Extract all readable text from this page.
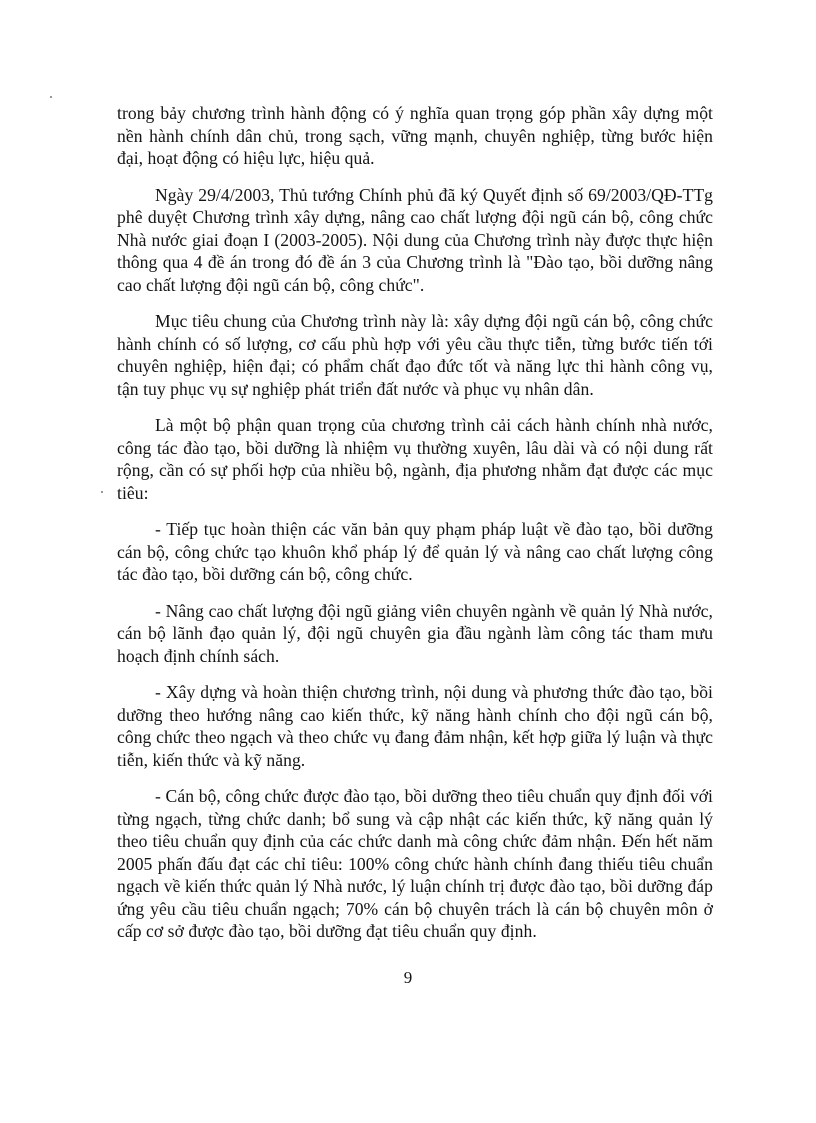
trong bảy chương trình hành động có ý nghĩa quan trọng góp phần xây dựng một nền hành chính dân chủ, trong sạch, vững mạnh, chuyên nghiệp, từng bước hiện đại, hoạt động có hiệu lực, hiệu quả.

Ngày 29/4/2003, Thủ tướng Chính phủ đã ký Quyết định số 69/2003/QĐ-TTg phê duyệt Chương trình xây dựng, nâng cao chất lượng đội ngũ cán bộ, công chức Nhà nước giai đoạn I (2003-2005). Nội dung của Chương trình này được thực hiện thông qua 4 đề án trong đó đề án 3 của Chương trình là "Đào tạo, bồi dưỡng nâng cao chất lượng đội ngũ cán bộ, công chức".

Mục tiêu chung của Chương trình này là: xây dựng đội ngũ cán bộ, công chức hành chính có số lượng, cơ cấu phù hợp với yêu cầu thực tiễn, từng bước tiến tới chuyên nghiệp, hiện đại; có phẩm chất đạo đức tốt và năng lực thi hành công vụ, tận tuy phục vụ sự nghiệp phát triển đất nước và phục vụ nhân dân.

Là một bộ phận quan trọng của chương trình cải cách hành chính nhà nước, công tác đào tạo, bồi dưỡng là nhiệm vụ thường xuyên, lâu dài và có nội dung rất rộng, cần có sự phối hợp của nhiều bộ, ngành, địa phương nhằm đạt được các mục tiêu:

- Tiếp tục hoàn thiện các văn bản quy phạm pháp luật về đào tạo, bồi dưỡng cán bộ, công chức tạo khuôn khổ pháp lý để quản lý và nâng cao chất lượng công tác đào tạo, bồi dưỡng cán bộ, công chức.

- Nâng cao chất lượng đội ngũ giảng viên chuyên ngành về quản lý Nhà nước, cán bộ lãnh đạo quản lý, đội ngũ chuyên gia đầu ngành làm công tác tham mưu hoạch định chính sách.

- Xây dựng và hoàn thiện chương trình, nội dung và phương thức đào tạo, bồi dưỡng theo hướng nâng cao kiến thức, kỹ năng hành chính cho đội ngũ cán bộ, công chức theo ngạch và theo chức vụ đang đảm nhận, kết hợp giữa lý luận và thực tiễn, kiến thức và kỹ năng.

- Cán bộ, công chức được đào tạo, bồi dưỡng theo tiêu chuẩn quy định đối với từng ngạch, từng chức danh; bổ sung và cập nhật các kiến thức, kỹ năng quản lý theo tiêu chuẩn quy định của các chức danh mà công chức đảm nhận. Đến hết năm 2005 phấn đấu đạt các chỉ tiêu: 100% công chức hành chính đang thiếu tiêu chuẩn ngạch về kiến thức quản lý Nhà nước, lý luận chính trị được đào tạo, bồi dưỡng đáp ứng yêu cầu tiêu chuẩn ngạch; 70% cán bộ chuyên trách là cán bộ chuyên môn ở cấp cơ sở được đào tạo, bồi dưỡng đạt tiêu chuẩn quy định.

9
